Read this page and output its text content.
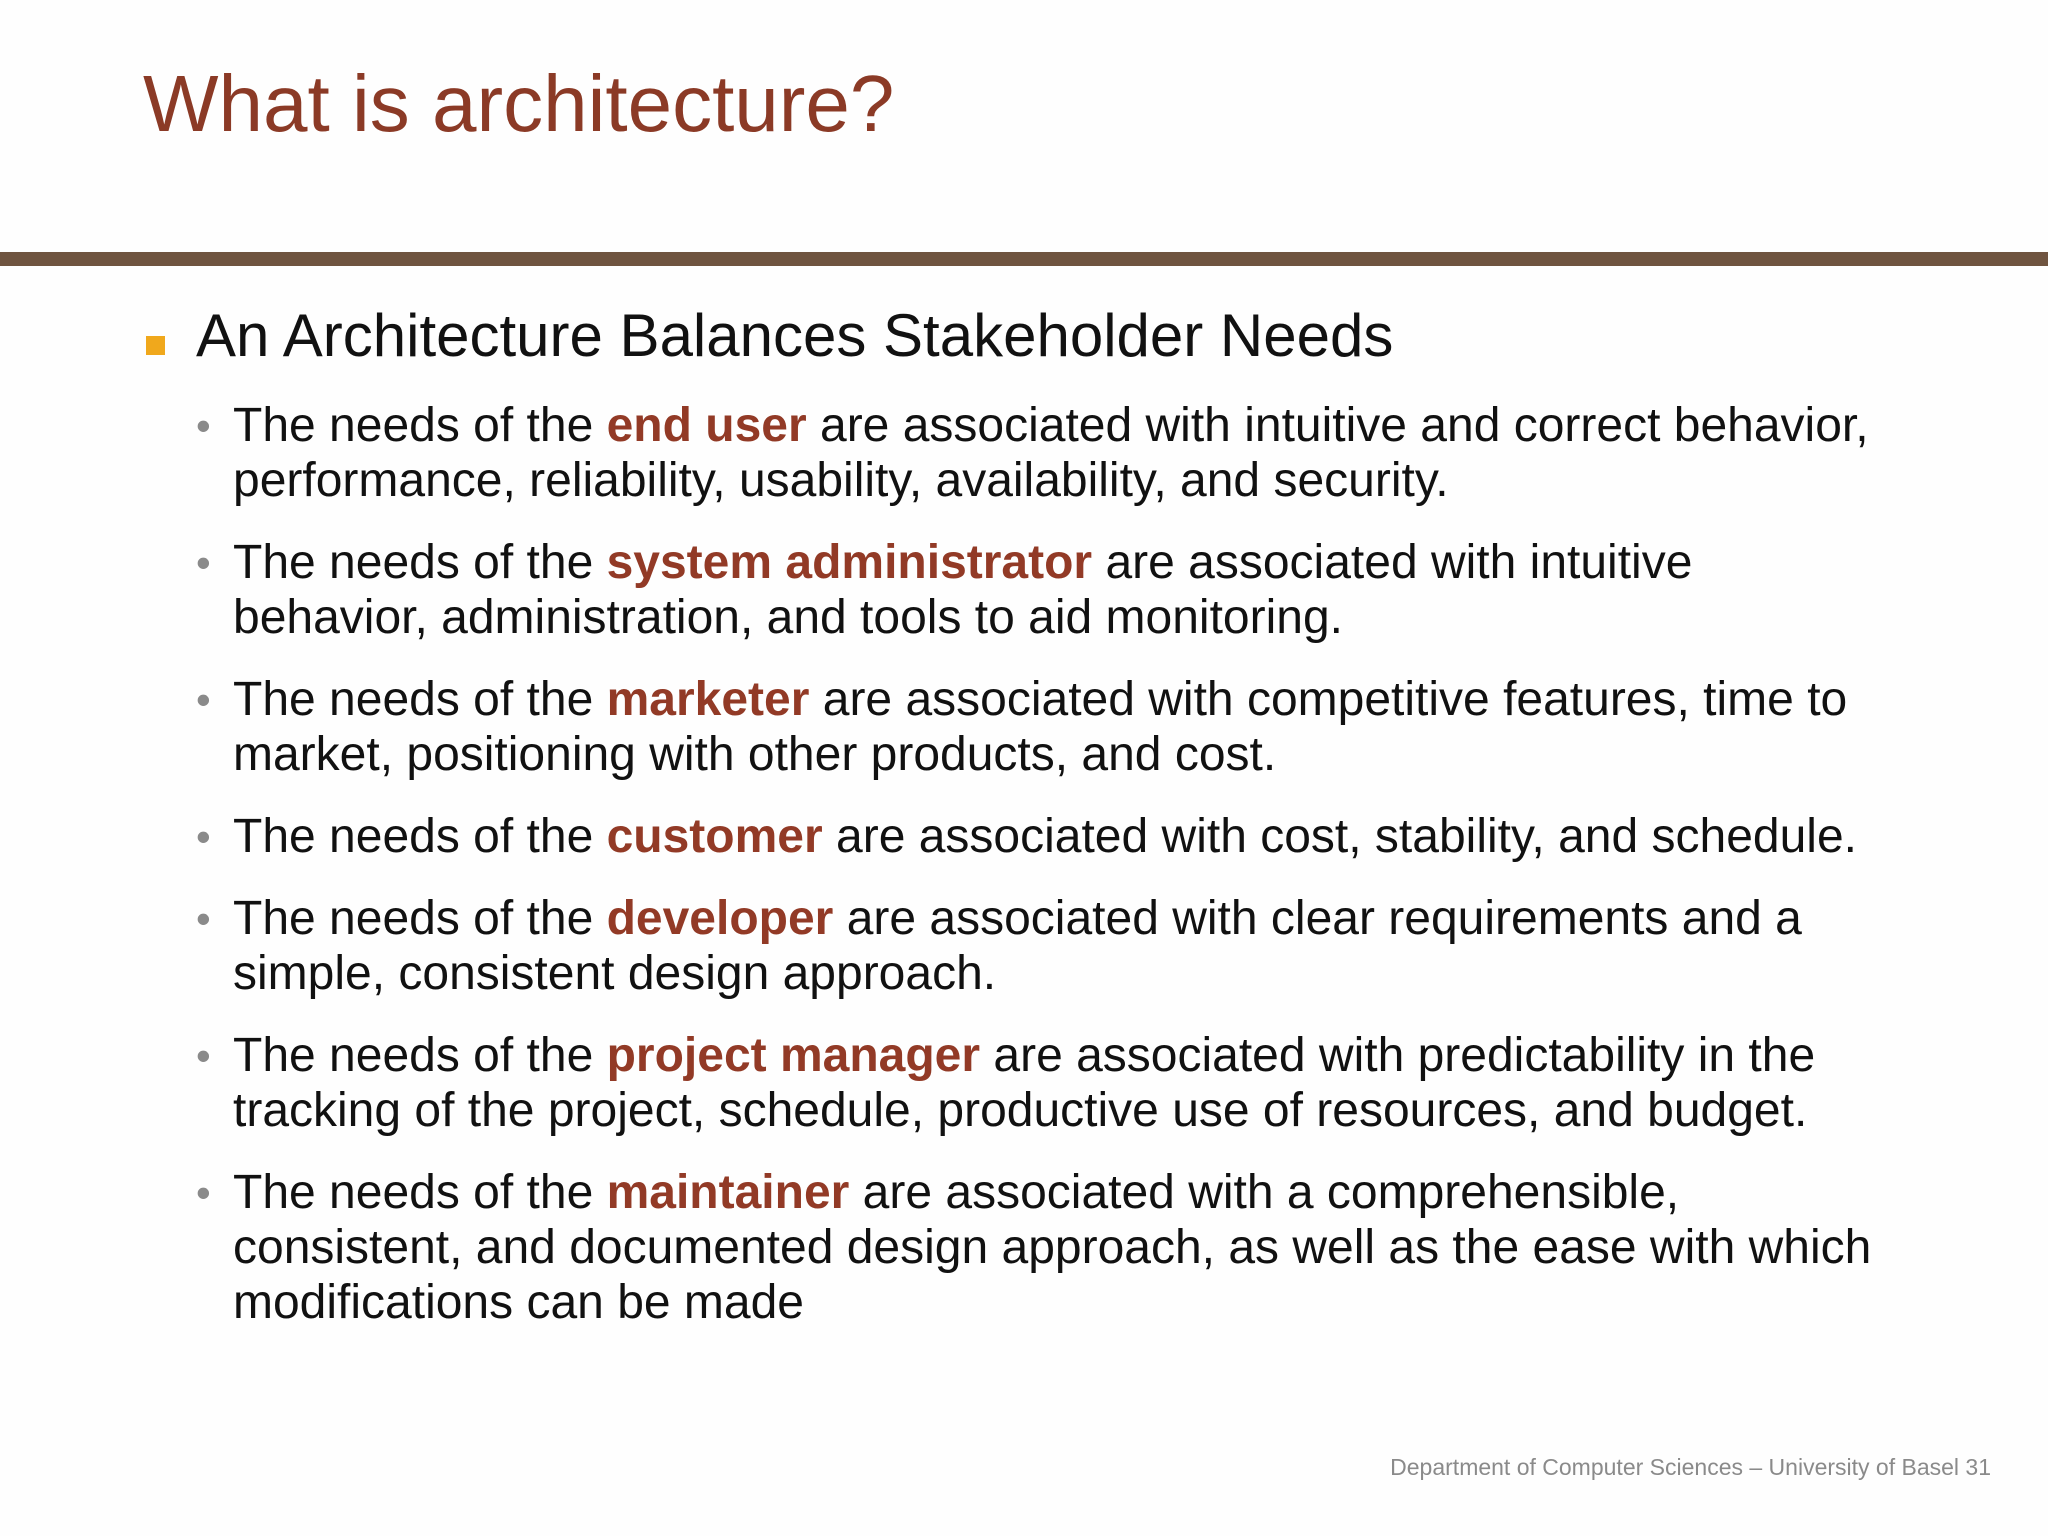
What is architecture?
An Architecture Balances Stakeholder Needs
• The needs of the end user are associated with intuitive and correct behavior,
performance, reliability, usability, availability, and security.
• The needs of the system administrator are associated with intuitive
behavior, administration, and tools to aid monitoring.
• The needs of the marketer are associated with competitive features, time to
market, positioning with other products, and cost.
• The needs of the customer are associated with cost, stability, and schedule.
• The needs of the developer are associated with clear requirements and a
simple, consistent design approach.
• The needs of the project manager are associated with predictability in the
tracking of the project, schedule, productive use of resources, and budget.
• The needs of the maintainer are associated with a comprehensible,
consistent, and documented design approach, as well as the ease with which
modifications can be made
Department of Computer Sciences – University of Basel 31
